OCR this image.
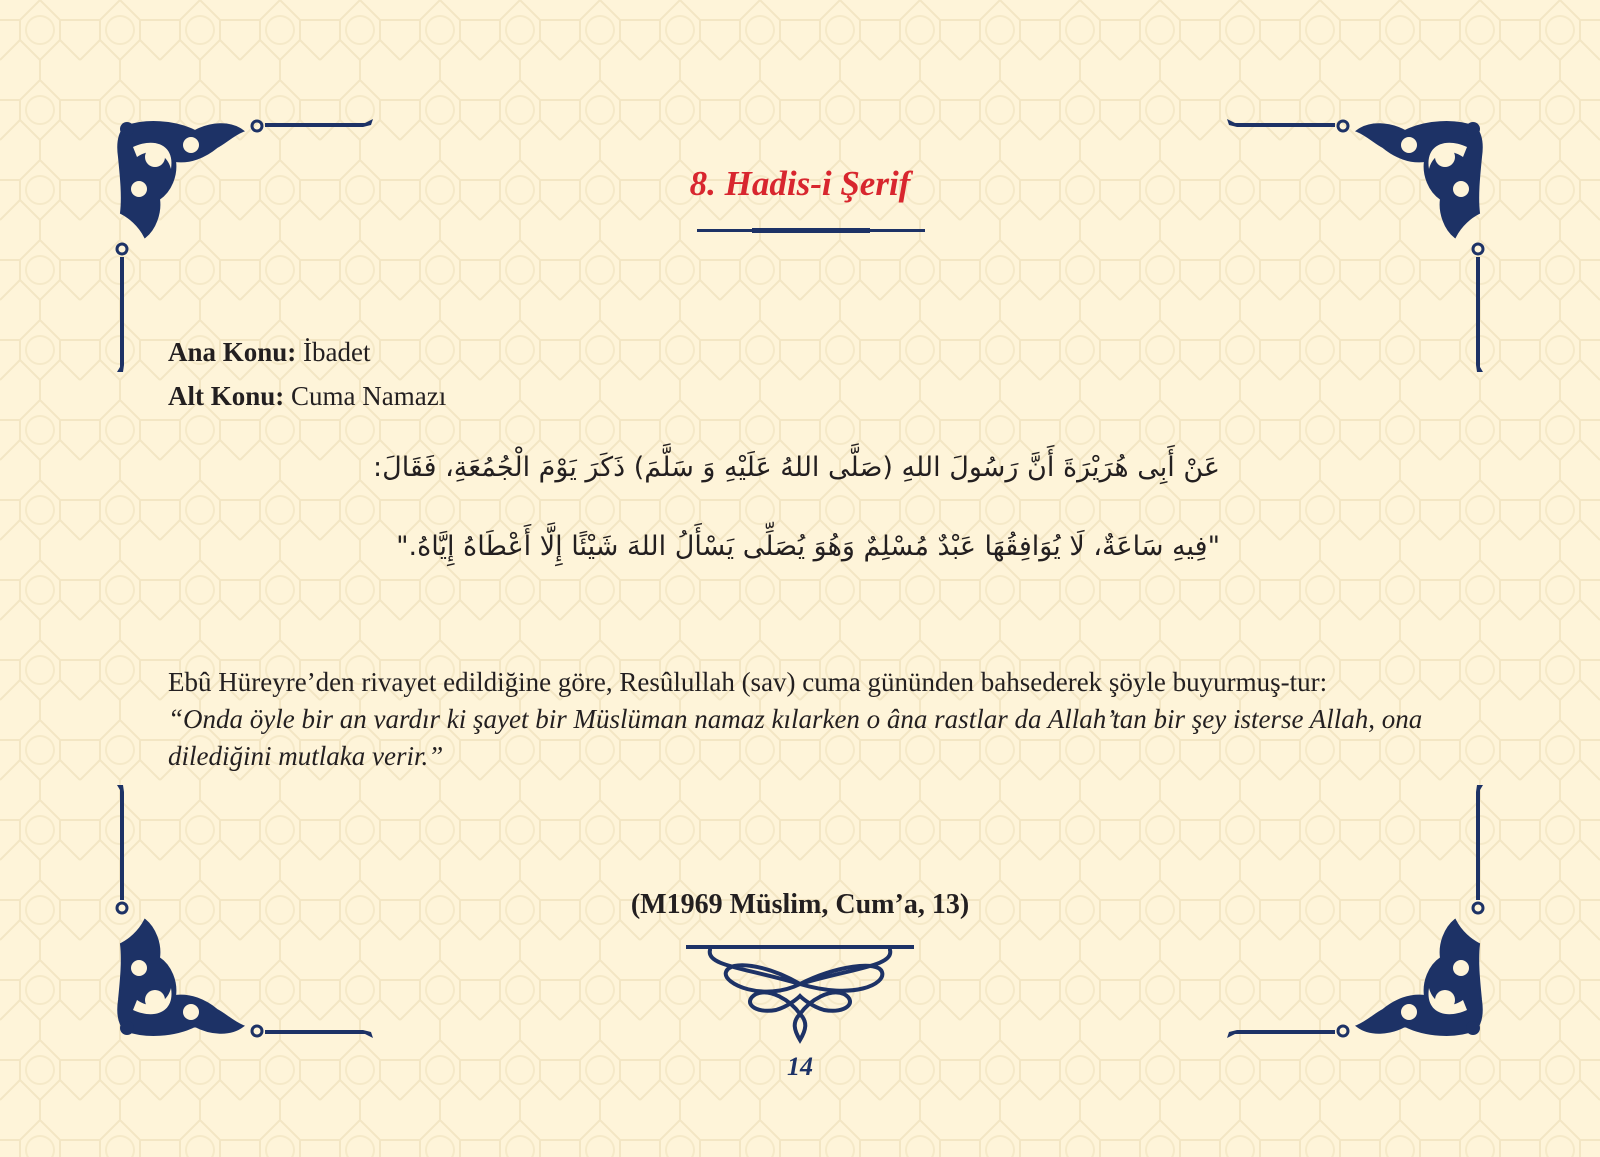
8. Hadis-i Şerif
Ana Konu: İbadet
Alt Konu: Cuma Namazı
عَنْ أَبِى هُرَيْرَةَ أَنَّ رَسُولَ اللهِ (صَلَّى اللهُ عَلَيْهِ وَ سَلَّمَ) ذَكَرَ يَوْمَ الْجُمُعَةِ، فَقَالَ:
"فِيهِ سَاعَةٌ، لَا يُوَافِقُهَا عَبْدٌ مُسْلِمٌ وَهُوَ يُصَلِّى يَسْأَلُ اللهَ شَيْئًا إِلَّا أَعْطَاهُ إِيَّاهُ."
Ebû Hüreyre’den rivayet edildiğine göre, Resûlullah (sav) cuma gününden bahsederek şöyle buyurmuş-tur:
“Onda öyle bir an vardır ki şayet bir Müslüman namaz kılarken o âna rastlar da Allah’tan bir şey isterse Allah, ona dilediğini mutlaka verir.”
(M1969 Müslim, Cum’a, 13)
14
